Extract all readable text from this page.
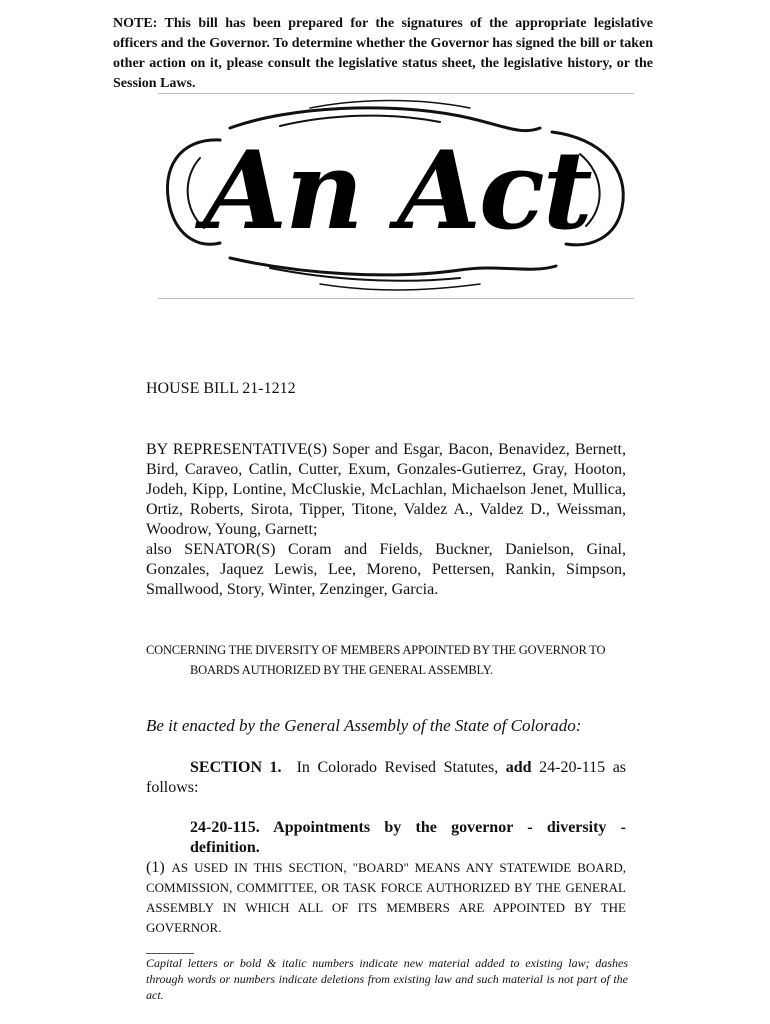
NOTE: This bill has been prepared for the signatures of the appropriate legislative officers and the Governor. To determine whether the Governor has signed the bill or taken other action on it, please consult the legislative status sheet, the legislative history, or the Session Laws.

An Act

HOUSE BILL 21-1212

BY REPRESENTATIVE(S) Soper and Esgar, Bacon, Benavidez, Bernett, Bird, Caraveo, Catlin, Cutter, Exum, Gonzales-Gutierrez, Gray, Hooton, Jodeh, Kipp, Lontine, McCluskie, McLachlan, Michaelson Jenet, Mullica, Ortiz, Roberts, Sirota, Tipper, Titone, Valdez A., Valdez D., Weissman, Woodrow, Young, Garnett;
also SENATOR(S) Coram and Fields, Buckner, Danielson, Ginal, Gonzales, Jaquez Lewis, Lee, Moreno, Pettersen, Rankin, Simpson, Smallwood, Story, Winter, Zenzinger, Garcia.
CONCERNING THE DIVERSITY OF MEMBERS APPOINTED BY THE GOVERNOR TO
BOARDS AUTHORIZED BY THE GENERAL ASSEMBLY.

Be it enacted by the General Assembly of the State of Colorado:

SECTION 1. In Colorado Revised Statutes, add 24-20-115 as follows:

24-20-115. Appointments by the governor - diversity - definition.
(1) AS USED IN THIS SECTION, "BOARD" MEANS ANY STATEWIDE BOARD, COMMISSION, COMMITTEE, OR TASK FORCE AUTHORIZED BY THE GENERAL ASSEMBLY IN WHICH ALL OF ITS MEMBERS ARE APPOINTED BY THE GOVERNOR.

Capital letters or bold & italic numbers indicate new material added to existing law; dashes through words or numbers indicate deletions from existing law and such material is not part of the act.
